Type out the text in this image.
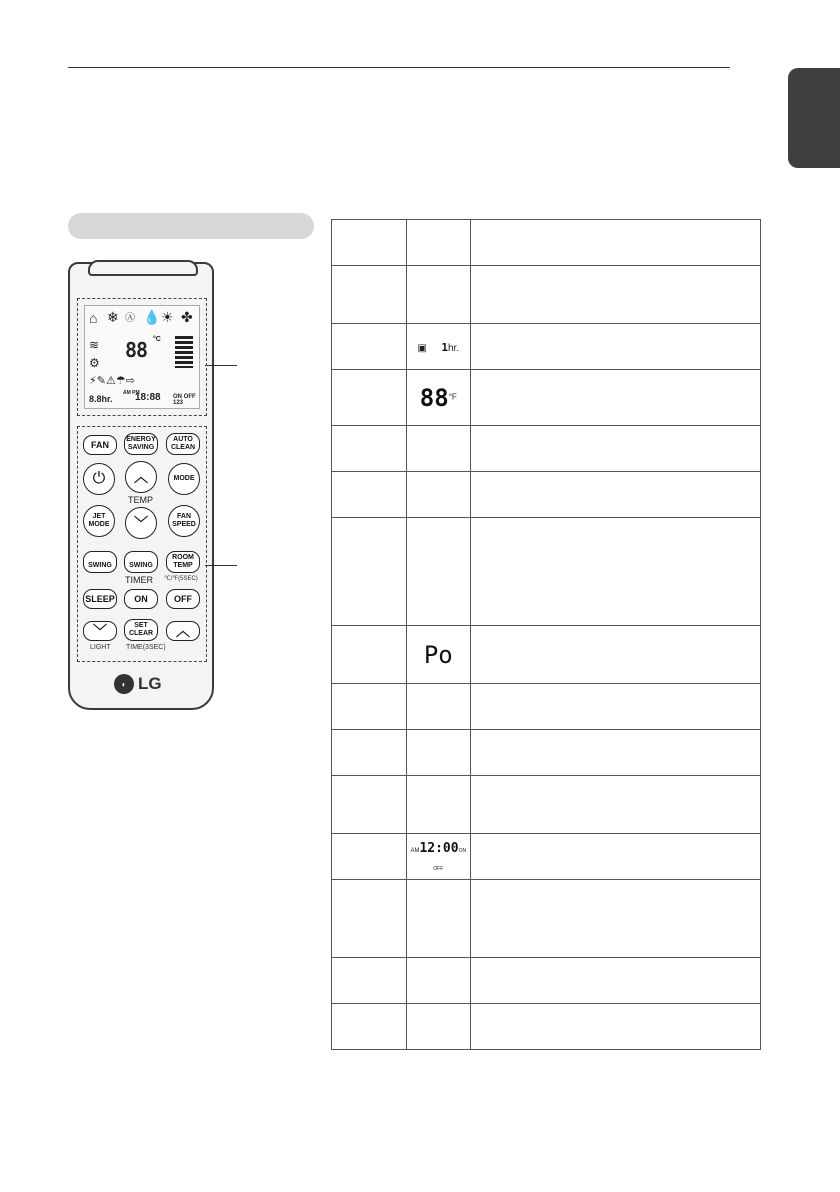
⌂ ❄ Ⓐ 💧 ☀ ✤
≋
⚙
88 °C
⚡✎⚠☂⇨
8.8hr.
AM PM
18:88 ON OFF 123
FAN
ENERGY SAVING
AUTO CLEAN
⏻ ︿	MODE
TEMP
JET MODE	﹀	FAN SPEED
SWING	SWING
ROOM TEMP
TIMER ℃/℉(5SEC)
SLEEP	ON	OFF
﹀	SET CLEAR	︿
LIGHT TIME(3SEC)
◐ LG

	▣ 1hr.	
	$88^{^\circ F}$	

	Po	

	AM12:00ON OFF	
